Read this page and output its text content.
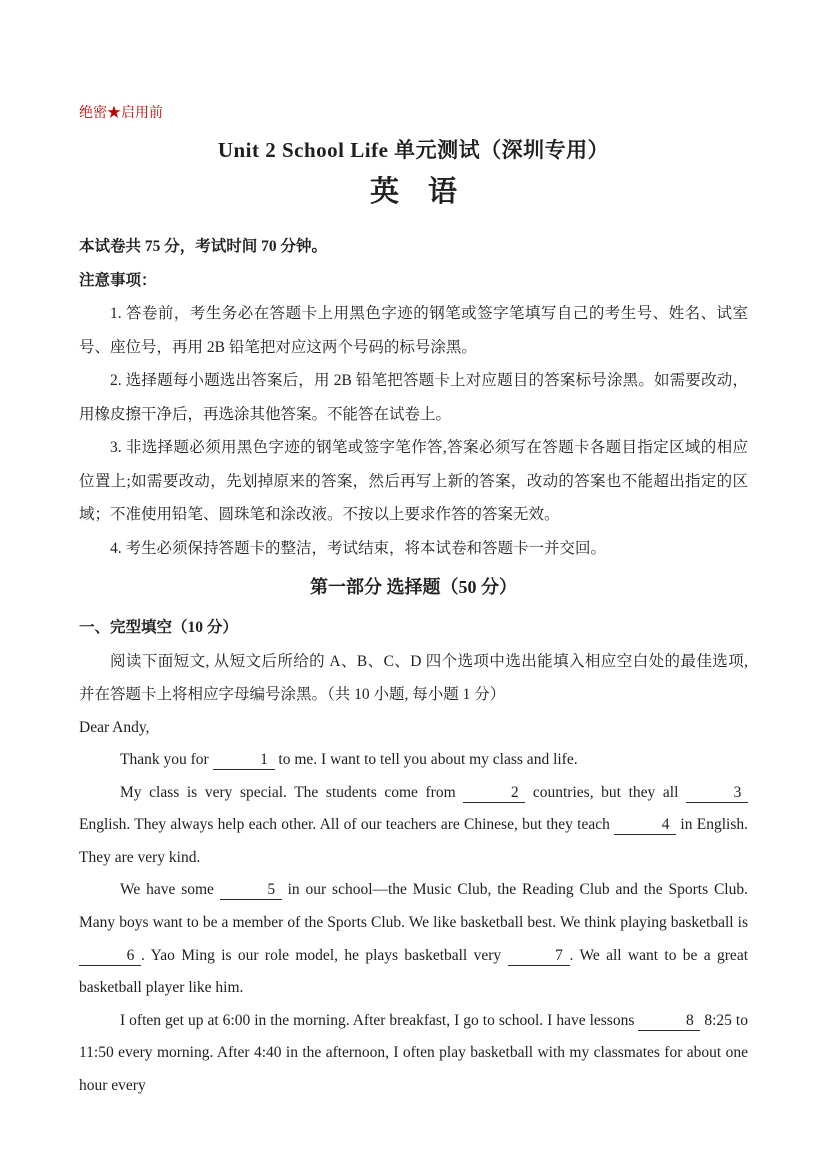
绝密★启用前
Unit 2 School Life 单元测试（深圳专用）
英　语

本试卷共 75 分，考试时间 70 分钟。

注意事项：

1. 答卷前，考生务必在答题卡上用黑色字迹的钢笔或签字笔填写自己的考生号、姓名、试室号、座位号，再用 2B 铅笔把对应这两个号码的标号涂黑。

2. 选择题每小题选出答案后，用 2B 铅笔把答题卡上对应题目的答案标号涂黑。如需要改动，用橡皮擦干净后，再选涂其他答案。不能答在试卷上。

3. 非选择题必须用黑色字迹的钢笔或签字笔作答,答案必须写在答题卡各题目指定区域的相应位置上;如需要改动，先划掉原来的答案，然后再写上新的答案，改动的答案也不能超出指定的区域；不准使用铅笔、圆珠笔和涂改液。不按以上要求作答的答案无效。

4. 考生必须保持答题卡的整洁，考试结束，将本试卷和答题卡一并交回。

第一部分 选择题（50 分）

一、完型填空（10 分）

阅读下面短文, 从短文后所给的 A、B、C、D 四个选项中选出能填入相应空白处的最佳选项, 并在答题卡上将相应字母编号涂黑。（共 10 小题, 每小题 1 分）

Dear Andy,

Thank you for	1 to me. I want to tell you about my class and life.

My class is very special. The students come from	2 countries, but they all	3 English. They always help each other. All of our teachers are Chinese, but they teach	4 in English. They are very kind.

We have some	5 in our school—the Music Club, the Reading Club and the Sports Club. Many boys want to be a member of the Sports Club. We like basketball best. We think playing basketball is 6 . Yao Ming is our role model, he plays basketball very	7 . We all want to be a great basketball player like him.

I often get up at 6:00 in the morning. After breakfast, I go to school. I have lessons	8 8:25 to 11:50 every morning. After 4:40 in the afternoon, I often play basketball with my classmates for about one hour every
